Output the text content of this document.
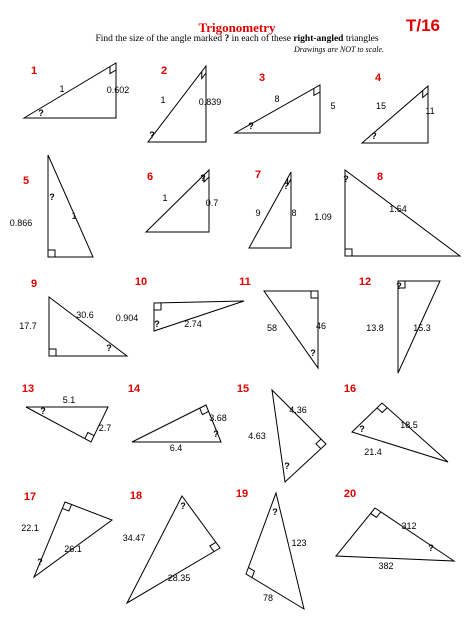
Trigonometry	T/16
Find the size of the angle marked ? in each of these right-angled triangles
Drawings are NOT to scale.
1
?
1	0.602
2
?
1	0.839
3
?
8
5
4
?
15	11
5
?
0.866
1
6	?
1	0.7
7
?
9	8
8
?
1.09
1.54
9
?
17.7
30.6
10
?
0.904
2.74
11
?
58	46
12	?
13.8	15.3
13
?
5.1
2.7
14
?
3.68
6.4
15
?
4.36
4.63
16
?	18.5
21.4
17
?
22.1
26.1
18
?
34.47
28.35
19
?
123
78
20
?
312
382
